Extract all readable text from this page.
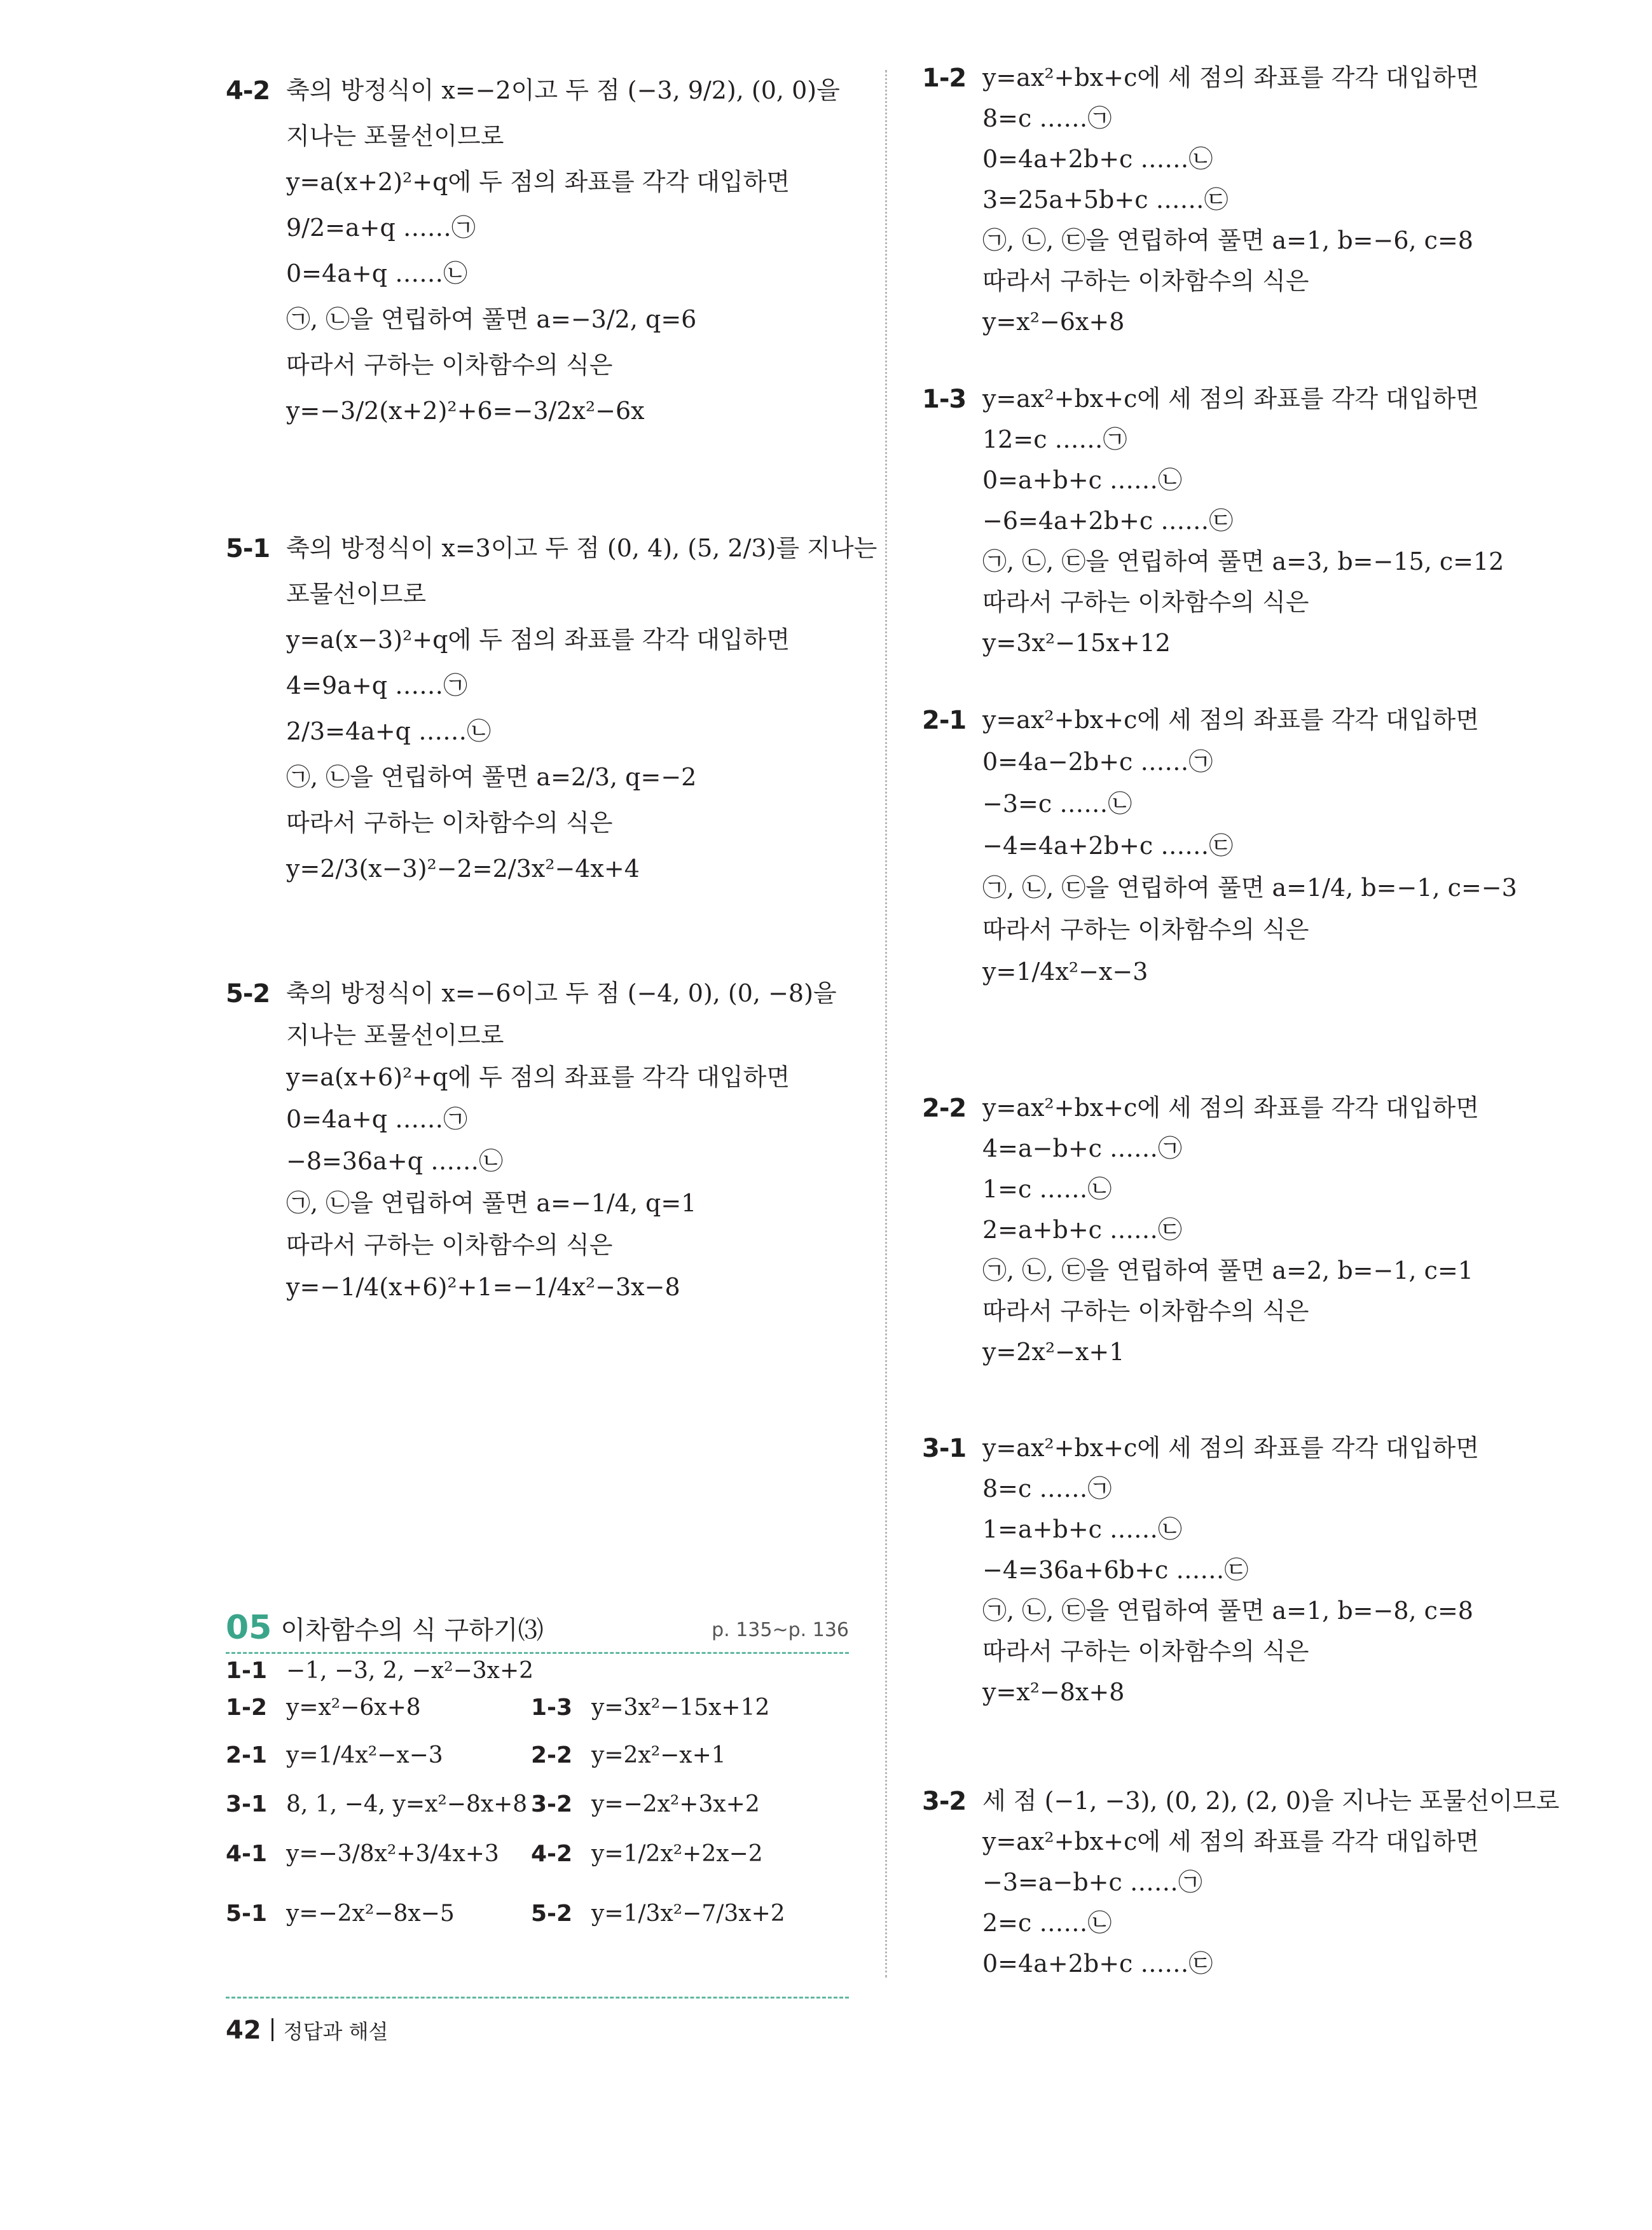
4-2 축의 방정식이 x=−2이고 두 점 (−3, 9/2), (0, 0)을
지나는 포물선이므로
y=a(x+2)²+q에 두 점의 좌표를 각각 대입하면
9/2=a+q ……㉠
0=4a+q ……㉡
㉠, ㉡을 연립하여 풀면 a=−3/2, q=6
따라서 구하는 이차함수의 식은
y=−3/2(x+2)²+6=−3/2x²−6x
5-1 축의 방정식이 x=3이고 두 점 (0, 4), (5, 2/3)를 지나는
포물선이므로
y=a(x−3)²+q에 두 점의 좌표를 각각 대입하면
4=9a+q ……㉠
2/3=4a+q ……㉡
㉠, ㉡을 연립하여 풀면 a=2/3, q=−2
따라서 구하는 이차함수의 식은
y=2/3(x−3)²−2=2/3x²−4x+4
5-2 축의 방정식이 x=−6이고 두 점 (−4, 0), (0, −8)을
지나는 포물선이므로
y=a(x+6)²+q에 두 점의 좌표를 각각 대입하면
0=4a+q ……㉠
−8=36a+q ……㉡
㉠, ㉡을 연립하여 풀면 a=−1/4, q=1
따라서 구하는 이차함수의 식은
y=−1/4(x+6)²+1=−1/4x²−3x−8
1-2 y=ax²+bx+c에 세 점의 좌표를 각각 대입하면
8=c ……㉠
0=4a+2b+c ……㉡
3=25a+5b+c ……㉢
㉠, ㉡, ㉢을 연립하여 풀면 a=1, b=−6, c=8
따라서 구하는 이차함수의 식은
y=x²−6x+8
1-3 y=ax²+bx+c에 세 점의 좌표를 각각 대입하면
12=c ……㉠
0=a+b+c ……㉡
−6=4a+2b+c ……㉢
㉠, ㉡, ㉢을 연립하여 풀면 a=3, b=−15, c=12
따라서 구하는 이차함수의 식은
y=3x²−15x+12
2-1 y=ax²+bx+c에 세 점의 좌표를 각각 대입하면
0=4a−2b+c ……㉠
−3=c ……㉡
−4=4a+2b+c ……㉢
㉠, ㉡, ㉢을 연립하여 풀면 a=1/4, b=−1, c=−3
따라서 구하는 이차함수의 식은
y=1/4x²−x−3
2-2 y=ax²+bx+c에 세 점의 좌표를 각각 대입하면
4=a−b+c ……㉠
1=c ……㉡
2=a+b+c ……㉢
㉠, ㉡, ㉢을 연립하여 풀면 a=2, b=−1, c=1
따라서 구하는 이차함수의 식은
y=2x²−x+1
3-1 y=ax²+bx+c에 세 점의 좌표를 각각 대입하면
8=c ……㉠
1=a+b+c ……㉡
−4=36a+6b+c ……㉢
㉠, ㉡, ㉢을 연립하여 풀면 a=1, b=−8, c=8
따라서 구하는 이차함수의 식은
y=x²−8x+8
3-2 세 점 (−1, −3), (0, 2), (2, 0)을 지나는 포물선이므로
y=ax²+bx+c에 세 점의 좌표를 각각 대입하면
−3=a−b+c ……㉠
2=c ……㉡
0=4a+2b+c ……㉢
05 이차함수의 식 구하기⑶	p. 135~p. 136
1-1 −1, −3, 2, −x²−3x+2
1-2 y=x²−6x+8	1-3 y=3x²−15x+12
2-1 y=1/4x²−x−3	2-2 y=2x²−x+1
3-1 8, 1, −4, y=x²−8x+8 3-2 y=−2x²+3x+2
4-1 y=−3/8x²+3/4x+3 4-2 y=1/2x²+2x−2
5-1 y=−2x²−8x−5	5-2 y=1/3x²−7/3x+2
42 정답과 해설
